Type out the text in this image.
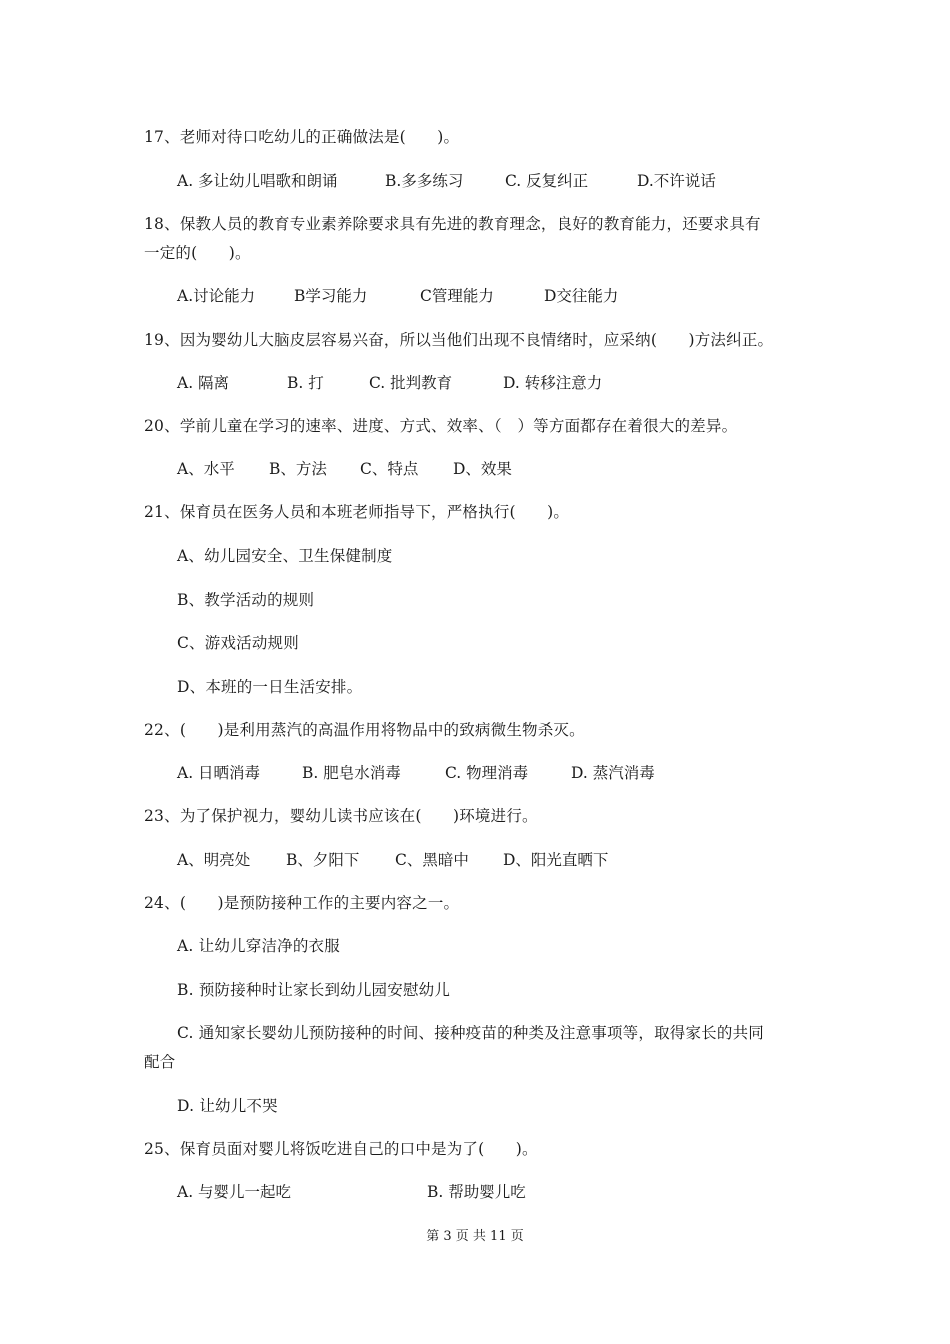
17、老师对待口吃幼儿的正确做法是(　　)。
A. 多让幼儿唱歌和朗诵	B.多多练习	C. 反复纠正	D.不许说话
18、保教人员的教育专业素养除要求具有先进的教育理念，良好的教育能力，还要求具有
一定的(　　)。
A.讨论能力	B学习能力	C管理能力	D交往能力
19、因为婴幼儿大脑皮层容易兴奋，所以当他们出现不良情绪时，应采纳(　　)方法纠正。
A. 隔离	B. 打	C. 批判教育	D. 转移注意力
20、学前儿童在学习的速率、进度、方式、效率、（　）等方面都存在着很大的差异。
A、水平 B、方法 C、特点 D、效果
21、保育员在医务人员和本班老师指导下，严格执行(　　)。
A、幼儿园安全、卫生保健制度
B、教学活动的规则
C、游戏活动规则
D、本班的一日生活安排。
22、(　　)是利用蒸汽的高温作用将物品中的致病微生物杀灭。
A. 日晒消毒	B. 肥皂水消毒	C. 物理消毒	D. 蒸汽消毒
23、为了保护视力，婴幼儿读书应该在(　　)环境进行。
A、明亮处 B、夕阳下 C、黑暗中 D、阳光直晒下
24、(　　)是预防接种工作的主要内容之一。
A. 让幼儿穿洁净的衣服
B. 预防接种时让家长到幼儿园安慰幼儿
C. 通知家长婴幼儿预防接种的时间、接种疫苗的种类及注意事项等，取得家长的共同
配合
D. 让幼儿不哭
25、保育员面对婴儿将饭吃进自己的口中是为了(　　)。
A. 与婴儿一起吃	B. 帮助婴儿吃
第 3 页 共 11 页
